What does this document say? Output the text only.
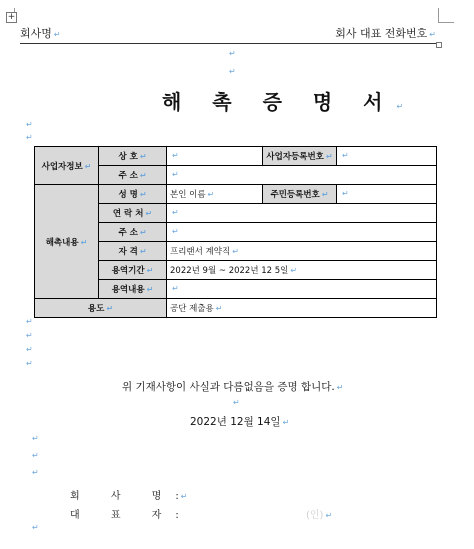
+
회사명 ↵	회사 대표 전화번호 ↵
↵
↵
해 촉 증 명 서 ↵
↵
↵
사업자정보 ↵	상 호 ↵	↵	사업자등록번호 ↵	↵
	주 소 ↵	↵		
해촉내용 ↵	성 명 ↵	본인 이름 ↵	주민등록번호 ↵	↵
	연 락 처 ↵	↵		
	주 소 ↵	↵		
	자 격 ↵	프리랜서 계약직 ↵		
	용역기간 ↵	2022년 9월 ~ 2022년 12 5일 ↵		
	용역내용 ↵	↵		
용도 ↵		공단 제출용 ↵		
↵
↵
↵
↵
위 기재사항이 사실과 다름없음을 증명 합니다. ↵
↵
2022년 12월 14일 ↵
↵
↵
↵
회 사 명: ↵
대 표 자:	(인) ↵
↵
